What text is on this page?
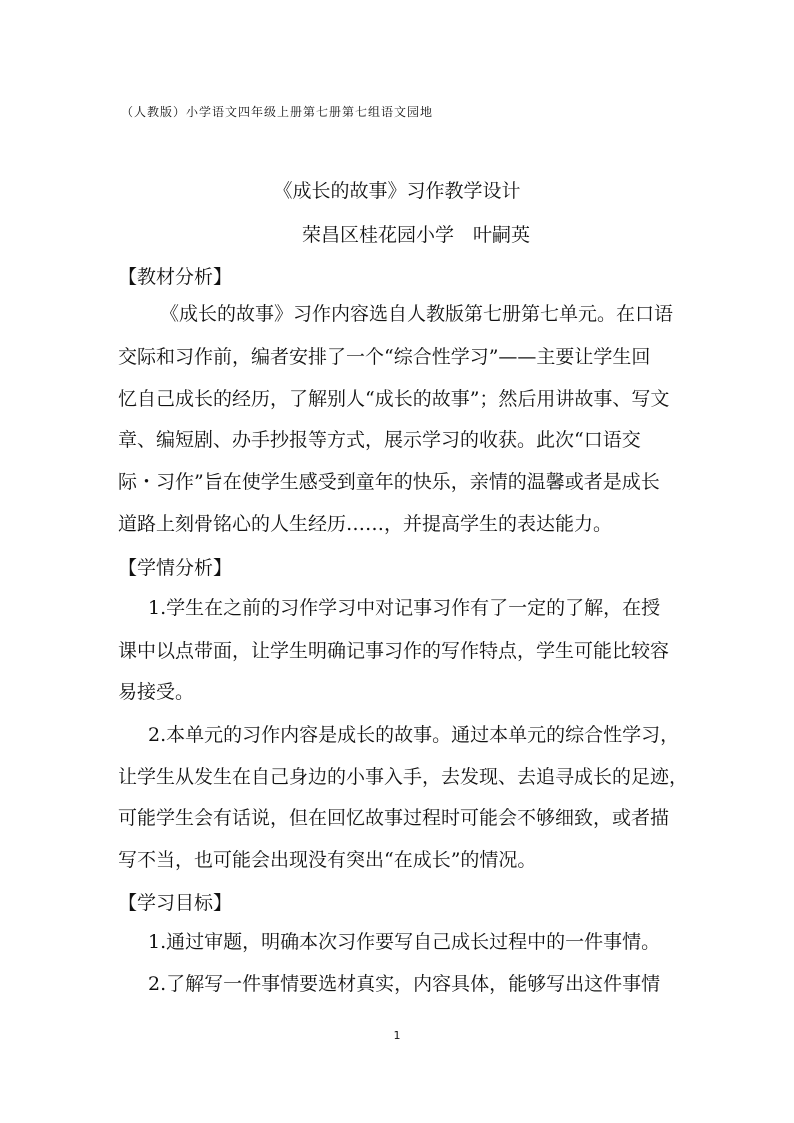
（人教版）小学语文四年级上册第七册第七组语文园地
《成长的故事》习作教学设计
荣昌区桂花园小学　叶嗣英
【教材分析】
《成长的故事》习作内容选自人教版第七册第七单元。在口语
交际和习作前，编者安排了一个“综合性学习”——主要让学生回
忆自己成长的经历，了解别人“成长的故事”；然后用讲故事、写文
章、编短剧、办手抄报等方式，展示学习的收获。此次“口语交
际・习作”旨在使学生感受到童年的快乐，亲情的温馨或者是成长
道路上刻骨铭心的人生经历……，并提高学生的表达能力。
【学情分析】
1.学生在之前的习作学习中对记事习作有了一定的了解，在授
课中以点带面，让学生明确记事习作的写作特点，学生可能比较容
易接受。
2.本单元的习作内容是成长的故事。通过本单元的综合性学习，
让学生从发生在自己身边的小事入手，去发现、去追寻成长的足迹，
可能学生会有话说，但在回忆故事过程时可能会不够细致，或者描
写不当，也可能会出现没有突出“在成长”的情况。
【学习目标】
1.通过审题，明确本次习作要写自己成长过程中的一件事情。
2.了解写一件事情要选材真实，内容具体，能够写出这件事情
1
